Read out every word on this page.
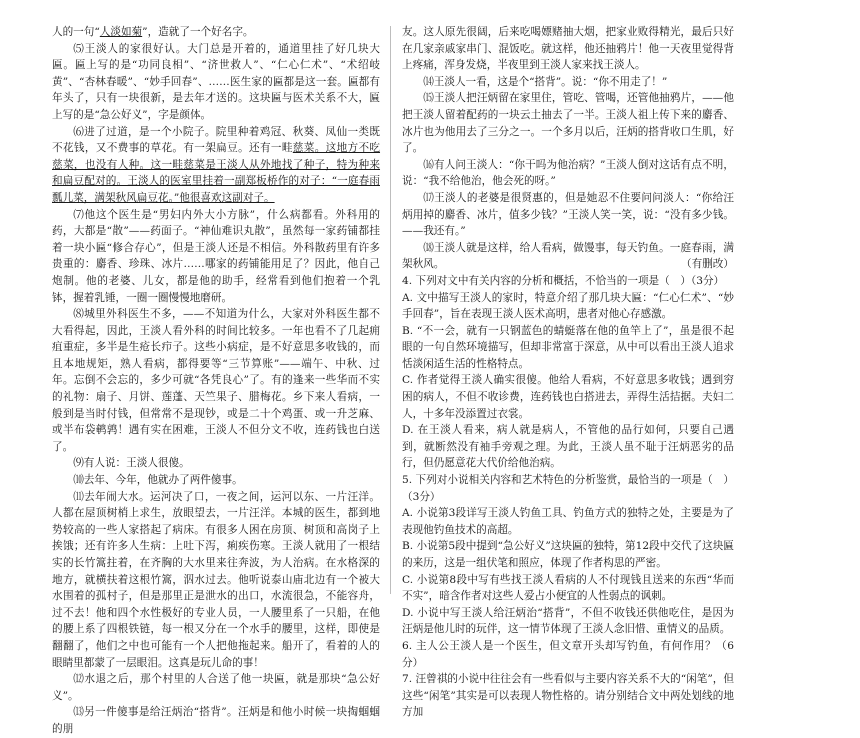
人的一句“人淡如菊”，造就了一个好名字。

⑸王淡人的家很好认。大门总是开着的，通道里挂了好几块大匾。匾上写的是“功同良相”、“济世救人”、“仁心仁术”、“术绍岐黄”、“杏林春暖”、“妙手回春”、……医生家的匾都是这一套。匾都有年头了，只有一块很新，是去年才送的。这块匾与医术关系不大，匾上写的是“急公好义”，字是颜体。

⑹进了过道，是一个小院子。院里种着鸡冠、秋葵、凤仙一类既不花钱，又不费事的草花。有一架扁豆。还有一畦慈菜。这地方不吃慈菜，也没有人种。这一畦慈菜是王淡人从外地找了种子，特为种来和扁豆配对的。王淡人的医室里挂着一副郑板桥作的对子：“一庭春雨瓢儿菜，满架秋风扁豆花。”他很喜欢这副对子。

⑺他这个医生是“男妇内外大小方脉”，什么病都看。外科用的药，大都是“散”——药面子。“神仙难识丸散”，虽然每一家药铺都挂着一块小匾“修合存心”，但是王淡人还是不相信。外科散药里有许多贵重的：麝香、珍珠、冰片……哪家的药铺能用足了？因此，他自己炮制。他的老婆、儿女，都是他的助手，经常看到他们抱着一个乳钵，握着乳锤，一圈一圈慢慢地磨研。

⑻城里外科医生不多，——不知道为什么，大家对外科医生都不大看得起，因此，王淡人看外科的时间比较多。一年也看不了几起痈疽重症，多半是生疮长疖子。这些小病症，是不好意思多收钱的，而且本地规矩，熟人看病，都得要等“三节算账”——端午、中秋、过年。忘倒不会忘的，多少可就“各凭良心”了。有的逢来一些华而不实的礼物：扇子、月饼、莲蓬、天竺果子、腊梅花。乡下来人看病，一般到是当时付钱，但常常不是现钞，或是二十个鸡蛋、或一升芝麻、或半布袋鹌鹑！遇有实在困难，王淡人不但分文不收，连药钱也白送了。

⑼有人说：王淡人很傻。

⑽去年、今年，他就办了两件傻事。

⑾去年闹大水。运河决了口，一夜之间，运河以东、一片汪洋。人都在屋顶树梢上求生，放眼望去，一片汪洋。本城的医生，都到地势较高的一些人家搭起了病床。有很多人困在房顶、树顶和高岗子上挨饿；还有许多人生病：上吐下泻，痢疾伤寒。王淡人就用了一根结实的长竹篙拄着，在齐胸的大水里来往奔波，为人治病。在水格深的地方，就横扶着这根竹篙，泅水过去。他听说泰山庙北边有一个被大水围着的孤村子，但是那里正是泄水的出口，水流很急，不能容舟，过不去！他和四个水性极好的专业人员，一人腰里系了一只船，在他的腰上系了四根铁链，每一根又分在一个水手的腰里，这样，即使是翻翻了，他们之中也可能有一个人把他拖起来。船开了，看着的人的眼睛里都蒙了一层眼泪。这真是玩儿命的事！

⑿水退之后，那个村里的人合送了他一块匾，就是那块“急公好义”。

⒀另一件傻事是给汪炳治“搭背”。汪炳是和他小时候一块掏蝈蝈的朋

友。这人原先很阔，后来吃喝嫖赌抽大烟，把家业败得精光，最后只好在几家亲戚家串门、混饭吃。就这样，他还抽鸦片！他一天夜里觉得背上疼痛，浑身发烧，半夜里到王淡人家来找王淡人。

⒁王淡人一看，这是个“搭背”。说：“你不用走了！”

⒂王淡人把汪炳留在家里住，管吃、管喝，还管他抽鸦片，——他把王淡人留着配药的一块云土抽去了一半。王淡人祖上传下来的麝香、冰片也为他用去了三分之一。一个多月以后，汪炳的搭背收口生肌，好了。

⒃有人问王淡人：“你干吗为他治病？”王淡人倒对这话有点不明，说：“我不给他治，他会死的呀。”

⒄王淡人的老婆是很贤惠的，但是她忍不住要问问淡人：“你给汪炳用掉的麝香、冰片，值多少钱？”王淡人笑一笑，说：“没有多少钱。——我还有。”

⒅王淡人就是这样，给人看病，做馒事，每天钓鱼。一庭春雨，满架秋风。	（有删改）

4. 下列对文中有关内容的分析和概括，不恰当的一项是（　）（3分）

A. 文中描写王淡人的家时，特意介绍了那几块大匾：“仁心仁术”、“妙手回春”，旨在表现王淡人医术高明，患者对他心存感激。

B. “不一会，就有一只钢蓝色的蜻蜓落在他的鱼竿上了”，虽是很不起眼的一句自然环境描写，但却非常富于深意，从中可以看出王淡人追求恬淡闲适生活的性格特点。

C. 作者觉得王淡人确实很傻。他给人看病，不好意思多收钱；遇到穷困的病人，不但不收诊费，连药钱也白搭进去，弄得生活拮据。夫妇二人，十多年没添置过衣裳。

D. 在王淡人看来，病人就是病人，不管他的品行如何，只要自己遇到，就断然没有袖手旁观之理。为此，王淡人虽不耻于汪炳恶劣的品行，但仍愿意花大代价给他治病。

5. 下列对小说相关内容和艺术特色的分析鉴赏，最恰当的一项是（　）（3分）

A. 小说第3段详写王淡人钓鱼工具、钓鱼方式的独特之处，主要是为了表现他钓鱼技术的高超。

B. 小说第5段中提到“急公好义”这块匾的独特，第12段中交代了这块匾的来历，这是一组伏笔和照应，体现了作者构思的严密。

C. 小说第8段中写有些找王淡人看病的人不付现钱且送来的东西“华而不实”，暗含作者对这些人爱占小便宜的人性弱点的讽刺。

D. 小说中写王淡人给汪炳治“搭背”，不但不收钱还供他吃住，是因为汪炳是他儿时的玩伴，这一情节体现了王淡人念旧惜、重情义的品质。

6. 主人公王淡人是一个医生，但文章开头却写钓鱼，有何作用？（6分）

7. 汪曾祺的小说中往往会有一些看似与主要内容关系不大的“闲笔”，但这些“闲笔”其实是可以表现人物性格的。请分别结合文中两处划线的地方加
